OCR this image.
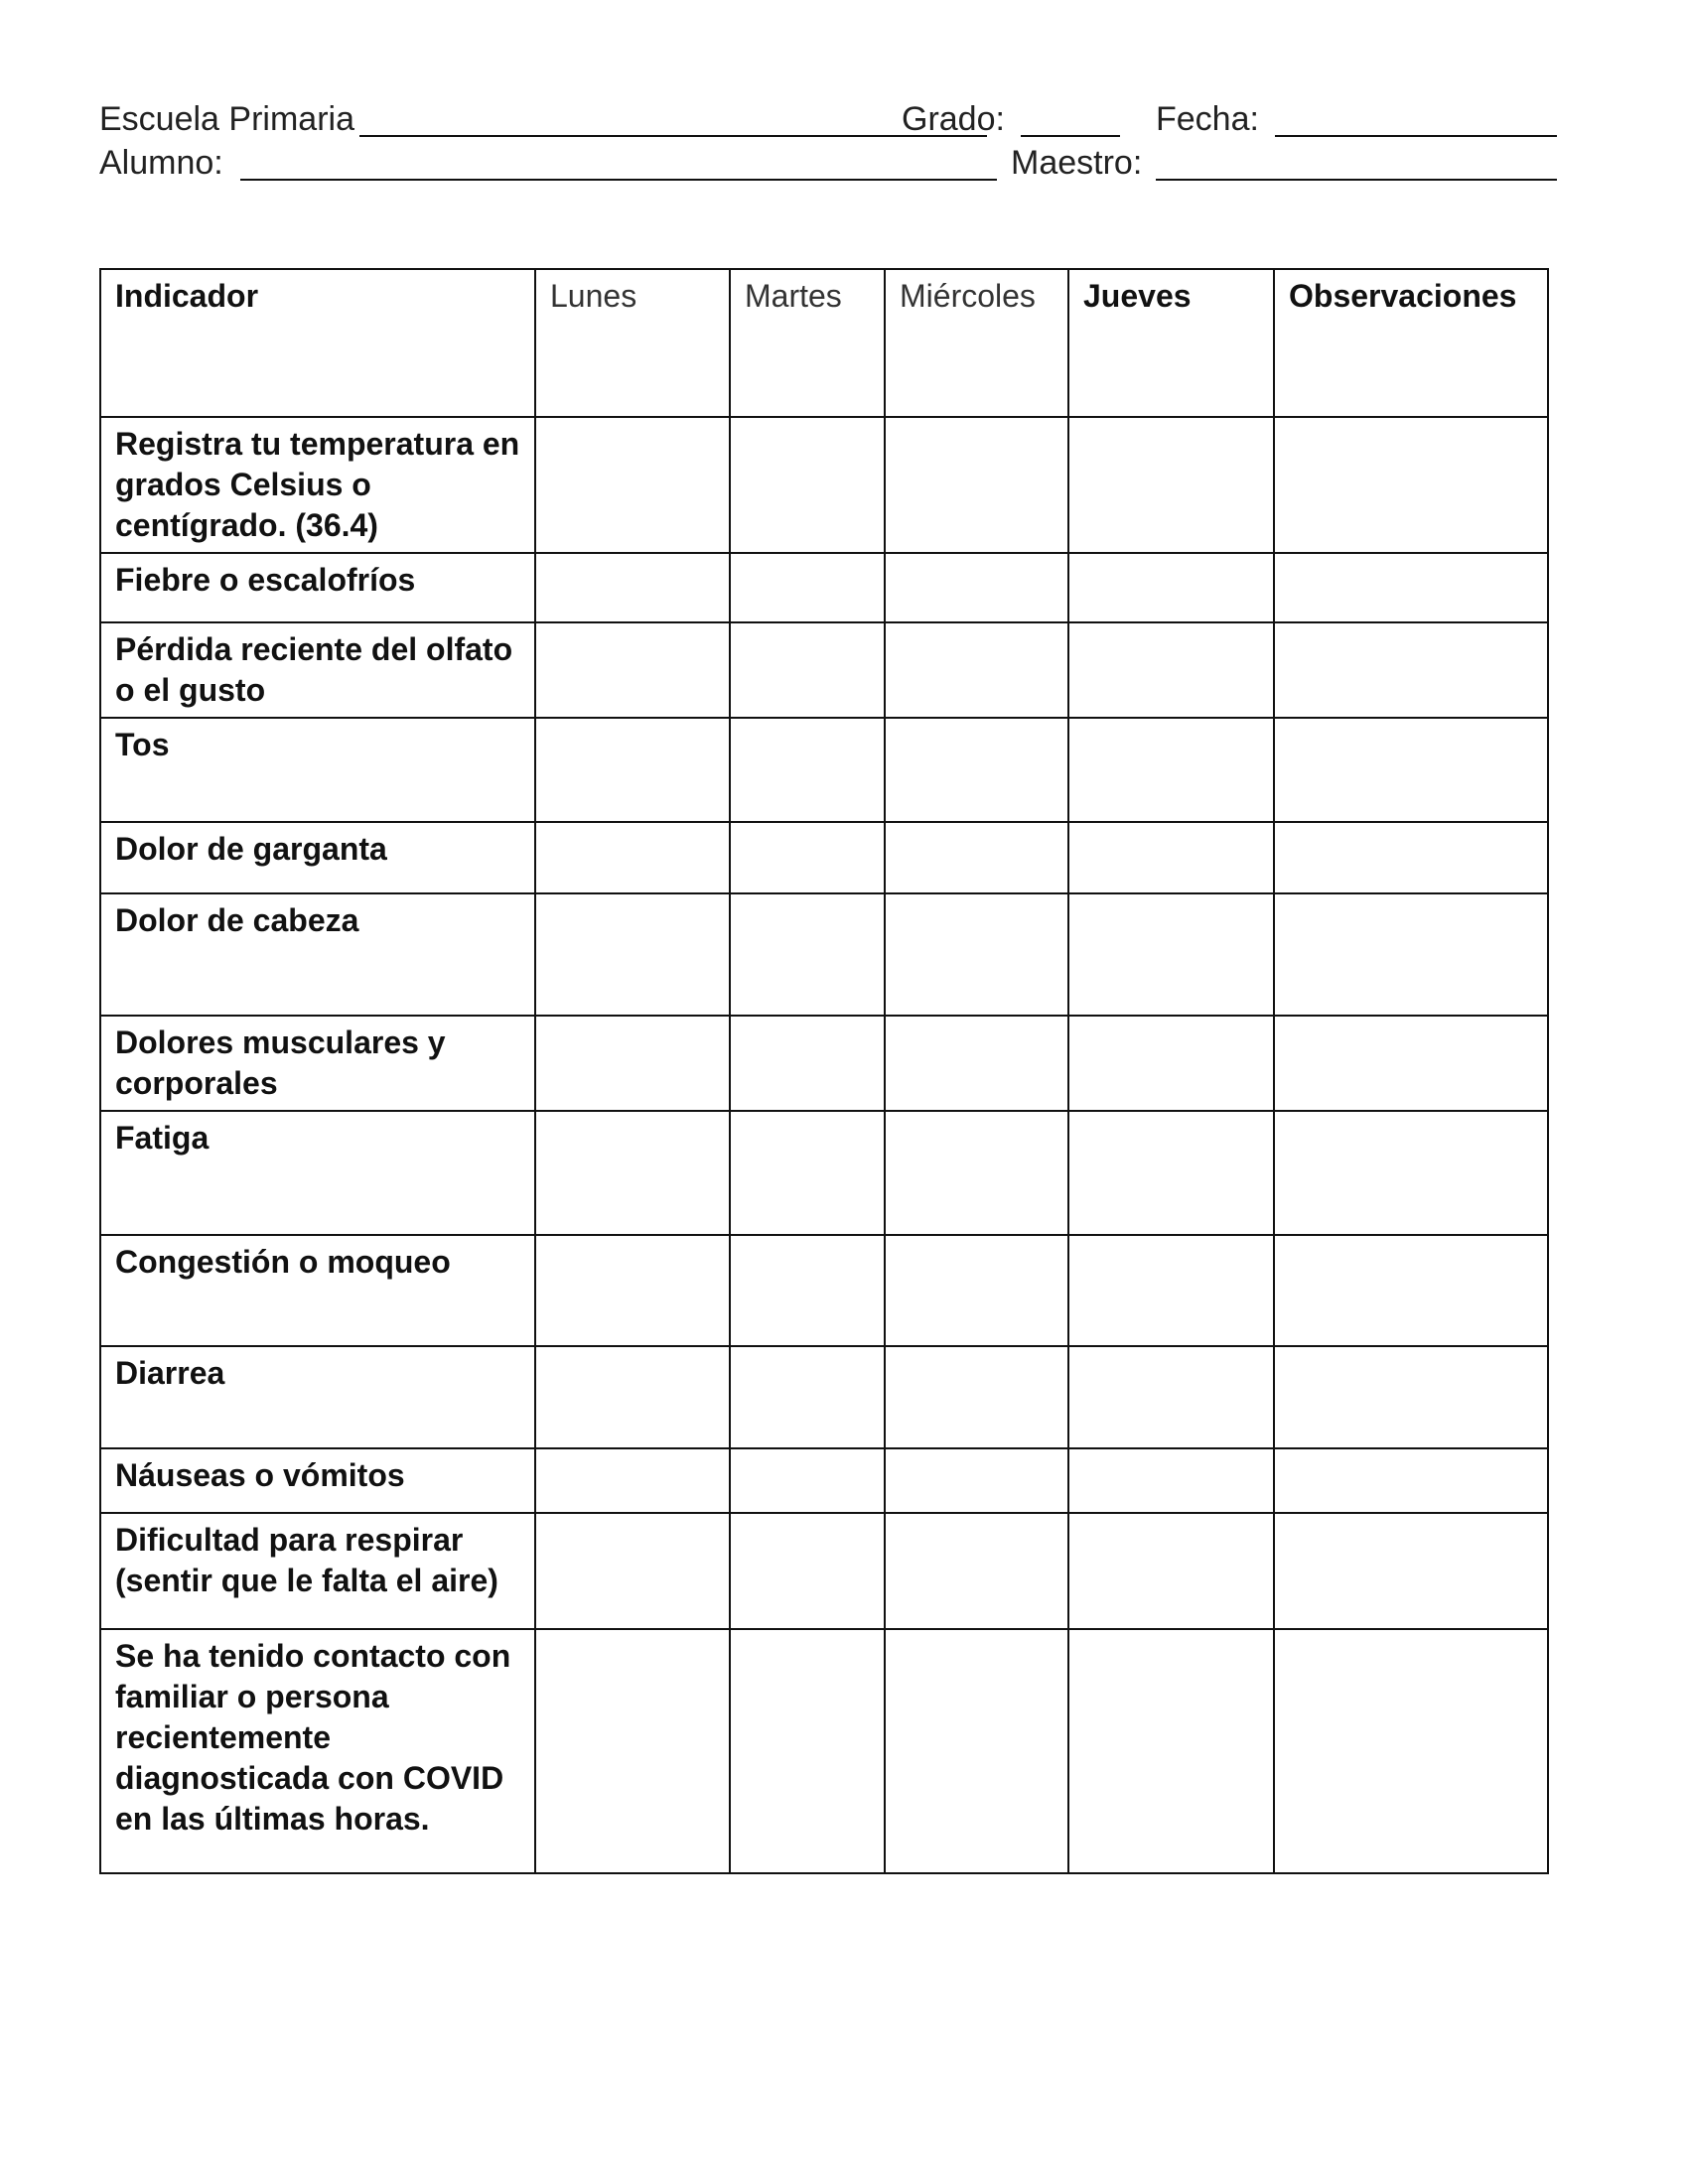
Escuela Primaria	Grado:	Fecha:
Alumno:	Maestro:
Indicador	Lunes	Martes	Miércoles	Jueves	Observaciones
Registra tu temperatura en grados Celsius o centígrado. (36.4)					
Fiebre o escalofríos					
Pérdida reciente del olfato o el gusto					
Tos					
Dolor de garganta					
Dolor de cabeza					
Dolores musculares y corporales					
Fatiga					
Congestión o moqueo					
Diarrea					
Náuseas o vómitos					
Dificultad para respirar (sentir que le falta el aire)					
Se ha tenido contacto con familiar o persona recientemente diagnosticada con COVID en las últimas horas.					
